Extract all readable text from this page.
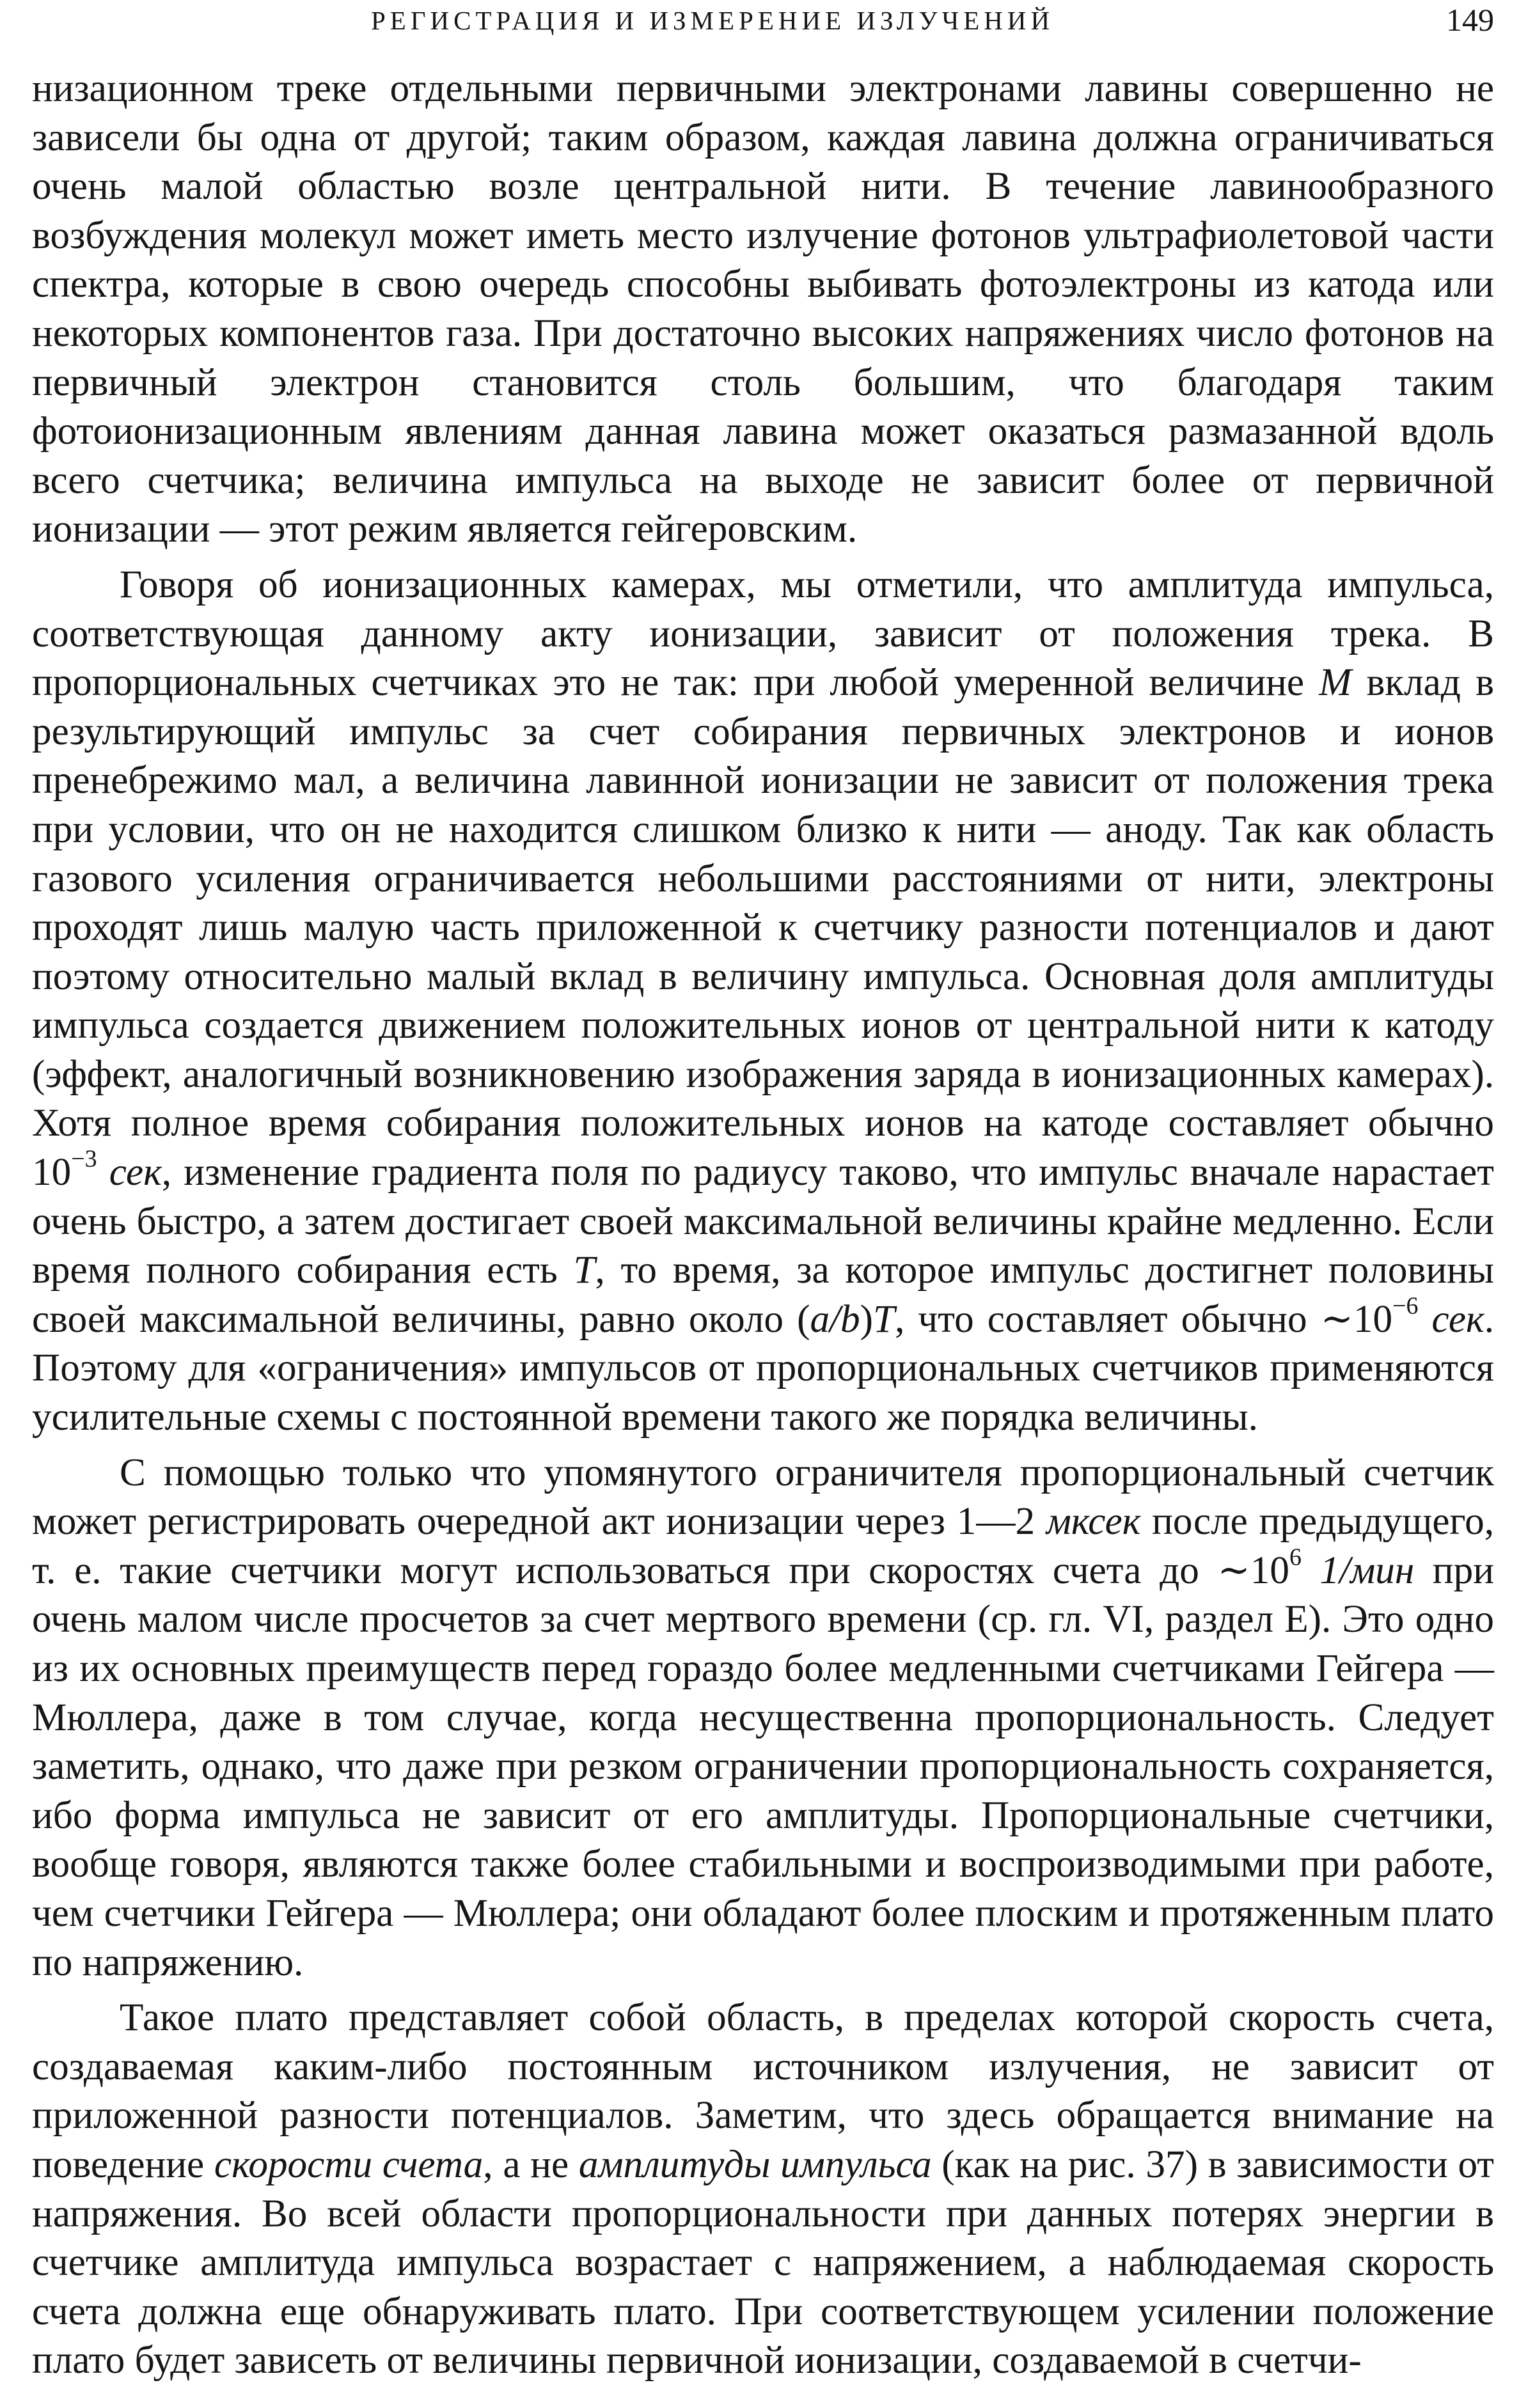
РЕГИСТРАЦИЯ И ИЗМЕРЕНИЕ ИЗЛУЧЕНИЙ	149

низационном треке отдельными первичными электронами лавины совершенно не зависели бы одна от другой; таким образом, каждая лавина должна ограничиваться очень малой областью возле центральной нити. В течение лавинообразного возбуждения молекул может иметь место излучение фотонов ультрафиолетовой части спектра, которые в свою очередь способны выбивать фотоэлектроны из катода или некоторых компонентов газа. При достаточно высоких напряжениях число фотонов на первичный электрон становится столь большим, что благодаря таким фотоионизационным явлениям данная лавина может оказаться размазанной вдоль всего счетчика; величина импульса на выходе не зависит более от первичной ионизации — этот режим является гейгеровским.

Говоря об ионизационных камерах, мы отметили, что амплитуда импульса, соответствующая данному акту ионизации, зависит от положения трека. В пропорциональных счетчиках это не так: при любой умеренной величине M вклад в результирующий импульс за счет собирания первичных электронов и ионов пренебрежимо мал, а величина лавинной ионизации не зависит от положения трека при условии, что он не находится слишком близко к нити — аноду. Так как область газового усиления ограничивается небольшими расстояниями от нити, электроны проходят лишь малую часть приложенной к счетчику разности потенциалов и дают поэтому относительно малый вклад в величину импульса. Основная доля амплитуды импульса создается движением положительных ионов от центральной нити к катоду (эффект, аналогичный возникновению изображения заряда в ионизационных камерах). Хотя полное время собирания положительных ионов на катоде составляет обычно $10^{-3}$ сек, изменение градиента поля по радиусу таково, что импульс вначале нарастает очень быстро, а затем достигает своей максимальной величины крайне медленно. Если время полного собирания есть T, то время, за которое импульс достигнет половины своей максимальной величины, равно около (a/b)T, что составляет обычно $\sim 10^{-6}$ сек. Поэтому для «ограничения» импульсов от пропорциональных счетчиков применяются усилительные схемы с постоянной времени такого же порядка величины.

С помощью только что упомянутого ограничителя пропорциональный счетчик может регистрировать очередной акт ионизации через 1—2 мксек после предыдущего, т. е. такие счетчики могут использоваться при скоростях счета до $\sim 10^6$ 1/мин при очень малом числе просчетов за счет мертвого времени (ср. гл. VI, раздел Е). Это одно из их основных преимуществ перед гораздо более медленными счетчиками Гейгера — Мюллера, даже в том случае, когда несущественна пропорциональность. Следует заметить, однако, что даже при резком ограничении пропорциональность сохраняется, ибо форма импульса не зависит от его амплитуды. Пропорциональные счетчики, вообще говоря, являются также более стабильными и воспроизводимыми при работе, чем счетчики Гейгера — Мюллера; они обладают более плоским и протяженным плато по напряжению.

Такое плато представляет собой область, в пределах которой скорость счета, создаваемая каким-либо постоянным источником излучения, не зависит от приложенной разности потенциалов. Заметим, что здесь обращается внимание на поведение скорости счета, а не амплитуды импульса (как на рис. 37) в зависимости от напряжения. Во всей области пропорциональности при данных потерях энергии в счетчике амплитуда импульса возрастает с напряжением, а наблюдаемая скорость счета должна еще обнаруживать плато. При соответствующем усилении положение плато будет зависеть от величины первичной ионизации, создаваемой в счетчи-
